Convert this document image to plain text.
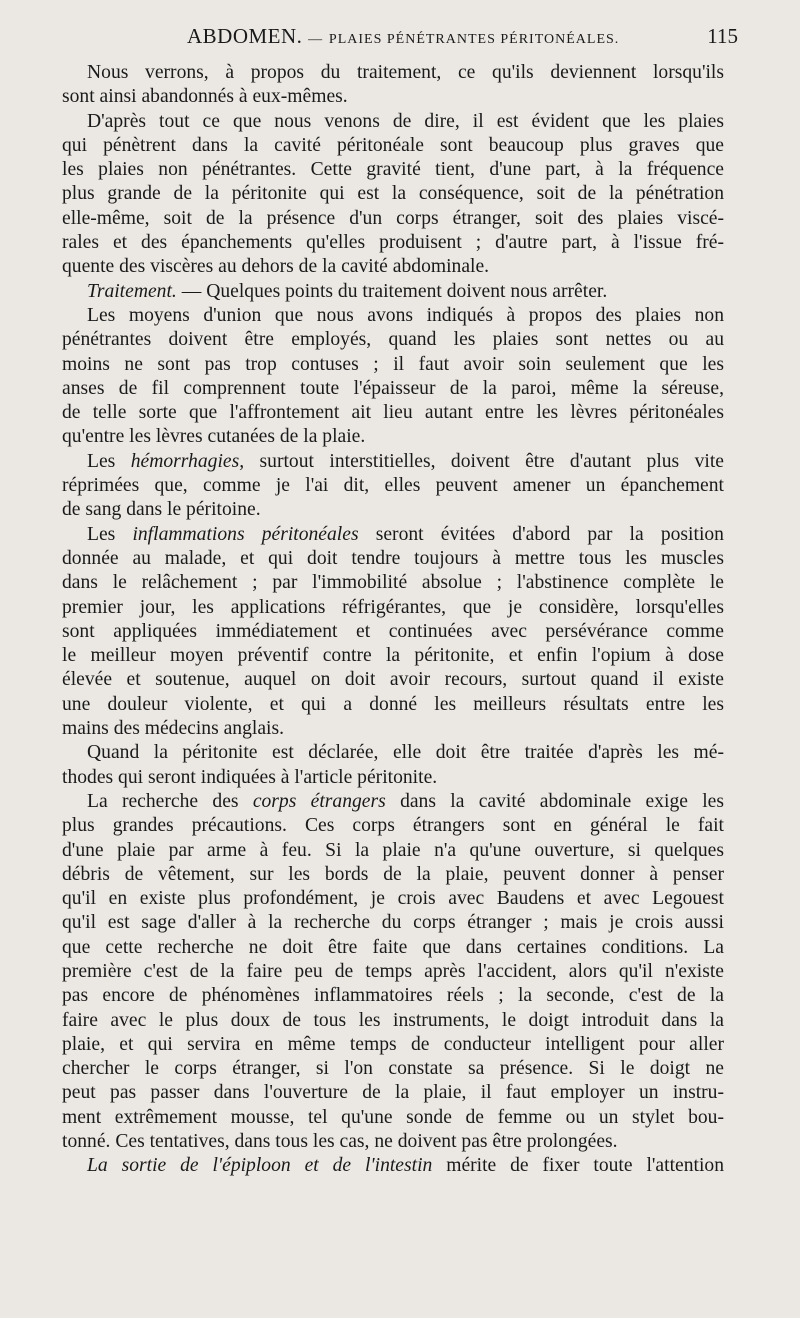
ABDOMEN. — PLAIES PÉNÉTRANTES PÉRITONÉALES.	115
Nous verrons, à propos du traitement, ce qu'ils deviennent lorsqu'ils
sont ainsi abandonnés à eux-mêmes.
D'après tout ce que nous venons de dire, il est évident que les plaies
qui pénètrent dans la cavité péritonéale sont beaucoup plus graves que
les plaies non pénétrantes. Cette gravité tient, d'une part, à la fréquence
plus grande de la péritonite qui est la conséquence, soit de la pénétration
elle-même, soit de la présence d'un corps étranger, soit des plaies viscé-
rales et des épanchements qu'elles produisent ; d'autre part, à l'issue fré-
quente des viscères au dehors de la cavité abdominale.
Traitement. — Quelques points du traitement doivent nous arrêter.
Les moyens d'union que nous avons indiqués à propos des plaies non
pénétrantes doivent être employés, quand les plaies sont nettes ou au
moins ne sont pas trop contuses ; il faut avoir soin seulement que les
anses de fil comprennent toute l'épaisseur de la paroi, même la séreuse,
de telle sorte que l'affrontement ait lieu autant entre les lèvres péritonéales
qu'entre les lèvres cutanées de la plaie.
Les hémorrhagies, surtout interstitielles, doivent être d'autant plus vite
réprimées que, comme je l'ai dit, elles peuvent amener un épanchement
de sang dans le péritoine.
Les inflammations péritonéales seront évitées d'abord par la position
donnée au malade, et qui doit tendre toujours à mettre tous les muscles
dans le relâchement ; par l'immobilité absolue ; l'abstinence complète le
premier jour, les applications réfrigérantes, que je considère, lorsqu'elles
sont appliquées immédiatement et continuées avec persévérance comme
le meilleur moyen préventif contre la péritonite, et enfin l'opium à dose
élevée et soutenue, auquel on doit avoir recours, surtout quand il existe
une douleur violente, et qui a donné les meilleurs résultats entre les
mains des médecins anglais.
Quand la péritonite est déclarée, elle doit être traitée d'après les mé-
thodes qui seront indiquées à l'article péritonite.
La recherche des corps étrangers dans la cavité abdominale exige les
plus grandes précautions. Ces corps étrangers sont en général le fait
d'une plaie par arme à feu. Si la plaie n'a qu'une ouverture, si quelques
débris de vêtement, sur les bords de la plaie, peuvent donner à penser
qu'il en existe plus profondément, je crois avec Baudens et avec Legouest
qu'il est sage d'aller à la recherche du corps étranger ; mais je crois aussi
que cette recherche ne doit être faite que dans certaines conditions. La
première c'est de la faire peu de temps après l'accident, alors qu'il n'existe
pas encore de phénomènes inflammatoires réels ; la seconde, c'est de la
faire avec le plus doux de tous les instruments, le doigt introduit dans la
plaie, et qui servira en même temps de conducteur intelligent pour aller
chercher le corps étranger, si l'on constate sa présence. Si le doigt ne
peut pas passer dans l'ouverture de la plaie, il faut employer un instru-
ment extrêmement mousse, tel qu'une sonde de femme ou un stylet bou-
tonné. Ces tentatives, dans tous les cas, ne doivent pas être prolongées.
La sortie de l'épiploon et de l'intestin mérite de fixer toute l'attention
